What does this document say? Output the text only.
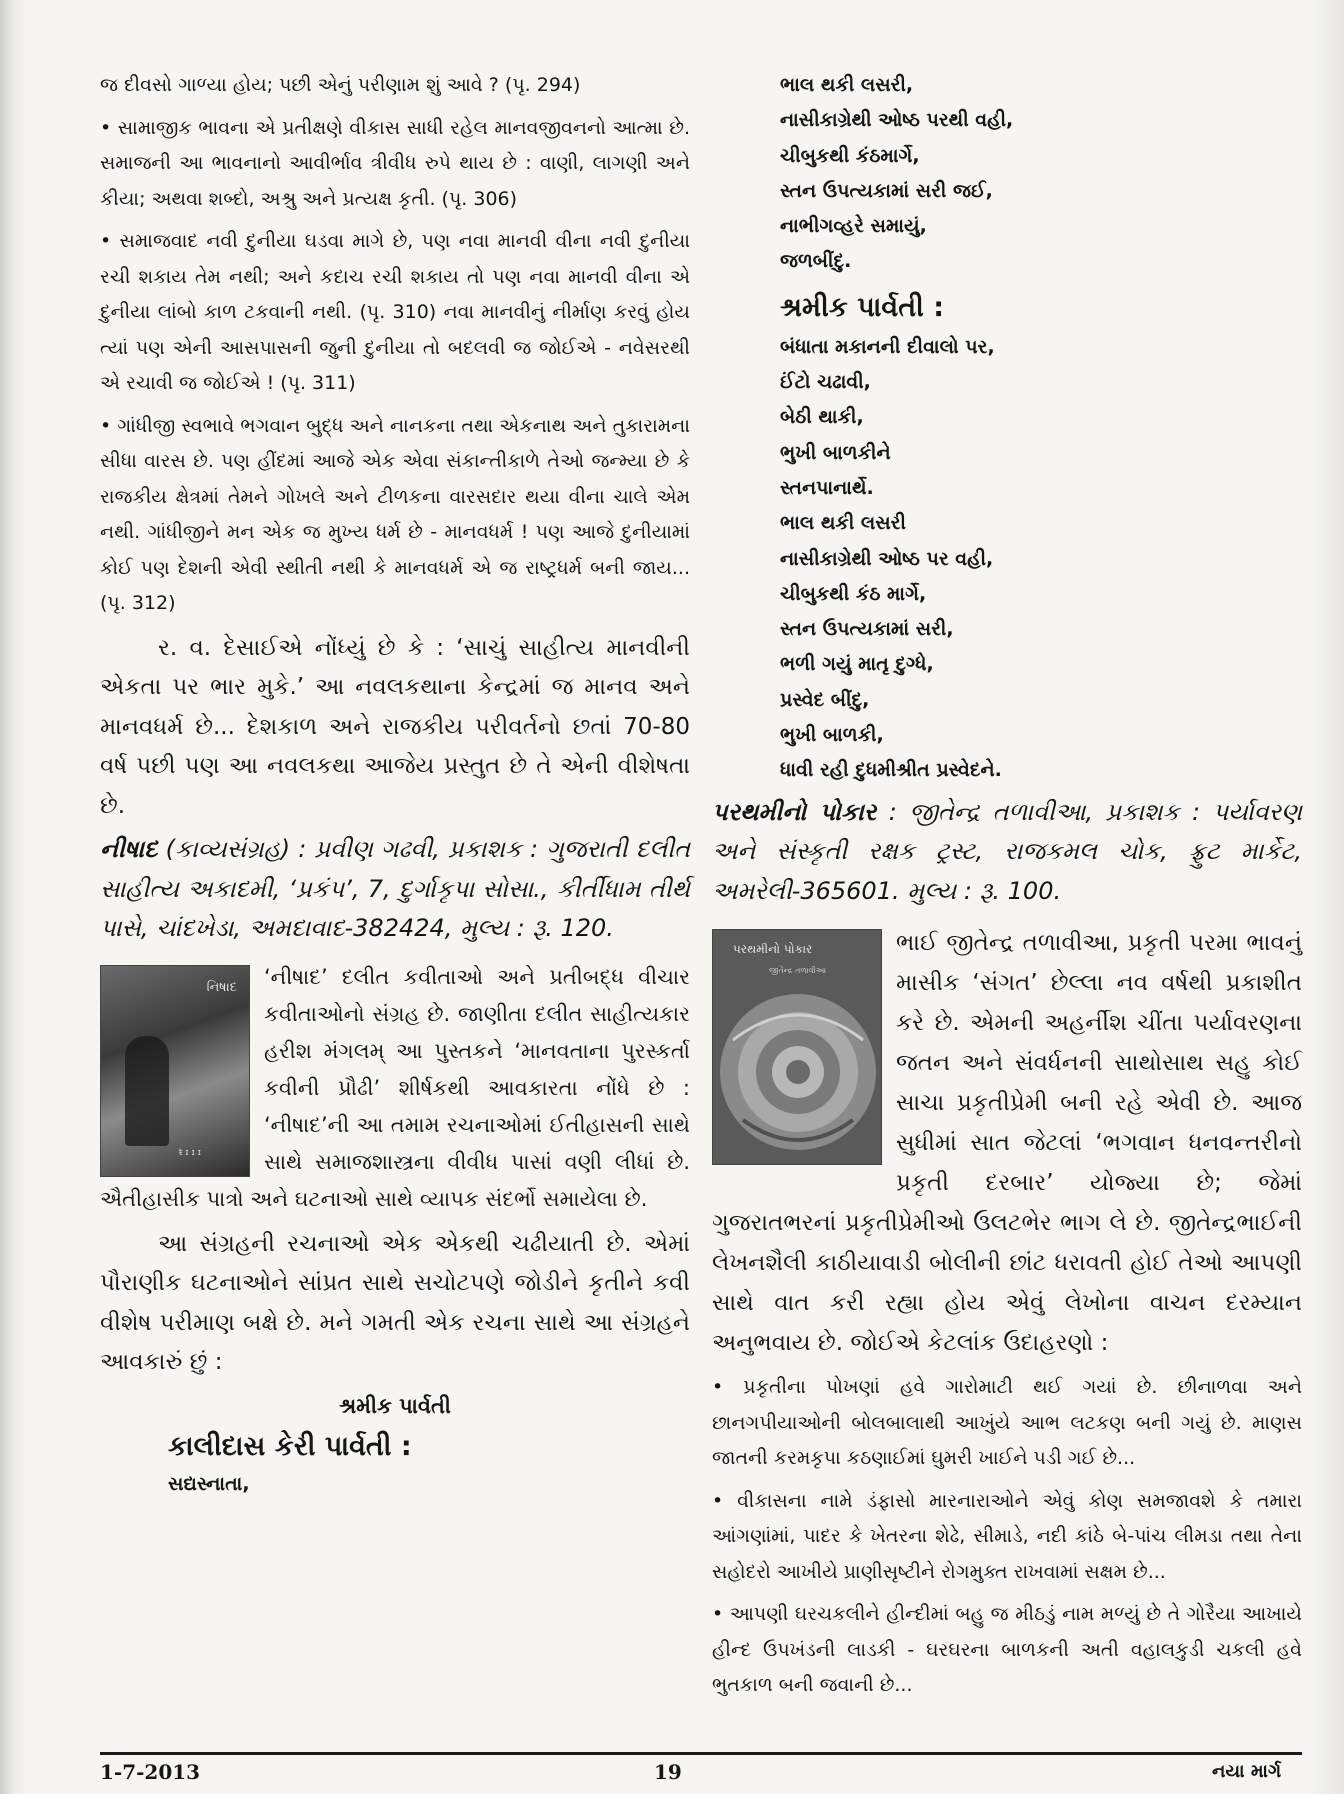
જ દીવસો ગાળ્યા હોય; પછી એનું પરીણામ શું આવે ? (પૃ. 294)

• સામાજીક ભાવના એ પ્રતીક્ષણે વીકાસ સાધી રહેલ માનવજીવનનો આત્મા છે. સમાજની આ ભાવનાનો આવીર્ભાવ ત્રીવીધ રુપે થાય છે : વાણી, લાગણી અને કીયા; અથવા શબ્દો, અશ્રુ અને પ્રત્યક્ષ કૃતી. (પૃ. 306)

• સમાજવાદ નવી દુનીયા ઘડવા માગે છે, પણ નવા માનવી વીના નવી દુનીયા રચી શકાય તેમ નથી; અને કદાચ રચી શકાય તો પણ નવા માનવી વીના એ દુનીયા લાંબો કાળ ટકવાની નથી. (પૃ. 310) નવા માનવીનું નીર્માણ કરવું હોય ત્યાં પણ એની આસપાસની જુની દુનીયા તો બદલવી જ જોઈએ - નવેસરથી એ રચાવી જ જોઈએ ! (પૃ. 311)

• ગાંધીજી સ્વભાવે ભગવાન બુદ્ધ અને નાનકના તથા એકનાથ અને તુકારામના સીધા વારસ છે. પણ હીંદમાં આજે એક એવા સંકાન્તીકાળે તેઓ જન્મ્યા છે કે રાજકીય ક્ષેત્રમાં તેમને ગોખલે અને ટીળકના વારસદાર થયા વીના ચાલે એમ નથી. ગાંધીજીને મન એક જ મુખ્ય ધર્મ છે - માનવધર્મ ! પણ આજે દુનીયામાં કોઈ પણ દેશની એવી સ્થીતી નથી કે માનવધર્મ એ જ રાષ્ટ્રધર્મ બની જાય... (પૃ. 312)

ર. વ. દેસાઈએ નોંધ્યું છે કે : ‘સાચું સાહીત્ય માનવીની એકતા પર ભાર મુકે.’ આ નવલકથાના કેન્દ્રમાં જ માનવ અને માનવધર્મ છે... દેશકાળ અને રાજકીય પરીવર્તનો છતાં 70-80 વર્ષ પછી પણ આ નવલકથા આજેય પ્રસ્તુત છે તે એની વીશેષતા છે.

નીષાદ (કાવ્યસંગ્રહ) : પ્રવીણ ગઢવી, પ્રકાશક : ગુજરાતી દલીત સાહીત્ય અકાદમી, ‘પ્રકંપ’, 7, દુર્ગાકૃપા સોસા., કીર્તીધામ તીર્થ પાસે, ચાંદખેડા, અમદાવાદ-382424, મુલ્ય : રૂ. 120.

નિષાદ
ŧ ɪ ɪ ɪ

‘નીષાદ’ દલીત કવીતાઓ અને પ્રતીબદ્ધ વીચાર કવીતાઓનો સંગ્રહ છે. જાણીતા દલીત સાહીત્યકાર હરીશ મંગલમ્ આ પુસ્તકને ‘માનવતાના પુરસ્કર્તા કવીની પ્રૌઢી’ શીર્ષકથી આવકારતા નોંધે છે : ‘નીષાદ’ની આ તમામ રચનાઓમાં ઈતીહાસની સાથે સાથે સમાજશાસ્ત્રના વીવીધ પાસાં વણી લીધાં છે. ઐતીહાસીક પાત્રો અને ઘટનાઓ સાથે વ્યાપક સંદર્ભો સમાયેલા છે.

આ સંગ્રહની રચનાઓ એક એકથી ચઢીયાતી છે. એમાં પૌરાણીક ઘટનાઓને સાંપ્રત સાથે સચોટપણે જોડીને કૃતીને કવી વીશેષ પરીમાણ બક્ષે છે. મને ગમતી એક રચના સાથે આ સંગ્રહને આવકારું છું :

શ્રમીક પાર્વતી

કાલીદાસ કેરી પાર્વતી :

સદ્યસ્નાતા,

ભાલ થકી લસરી,

નાસીકાગ્રેથી ઓષ્ઠ પરથી વહી,

ચીબુકથી કંઠમાર્ગે,

સ્તન ઉપત્યકામાં સરી જઈ,

નાભીગવ્હરે સમાયું,

જળબીંદુ.

શ્રમીક પાર્વતી :

બંધાતા મકાનની દીવાલો પર,

ઈંટો ચઢાવી,

બેઠી થાકી,

ભુખી બાળકીને

સ્તનપાનાર્થે.

ભાલ થકી લસરી

નાસીકાગ્રેથી ઓષ્ઠ પર વહી,

ચીબુકથી કંઠ માર્ગે,

સ્તન ઉપત્યકામાં સરી,

ભળી ગયું માતૃ દુગ્ધે,

પ્રસ્વેદ બીંદુ,

ભુખી બાળકી,

ધાવી રહી દુધમીશ્રીત પ્રસ્વેદને.

પરથમીનો પોકાર : જીતેન્દ્ર તળાવીઆ, પ્રકાશક : પર્યાવરણ અને સંસ્કૃતી રક્ષક ટ્રસ્ટ, રાજકમલ ચોક, ફ્રુટ માર્કેટ, અમરેલી-365601. મુલ્ય : રૂ. 100.

પરથમીનો પોકાર
જીતેન્દ્ર તળાવીઆ

ભાઈ જીતેન્દ્ર તળાવીઆ, પ્રકૃતી પરમા ભાવનું માસીક ‘સંગત’ છેલ્લા નવ વર્ષથી પ્રકાશીત કરે છે. એમની અહર્નીશ ચીંતા પર્યાવરણના જતન અને સંવર્ધનની સાથોસાથ સહુ કોઈ સાચા પ્રકૃતીપ્રેમી બની રહે એવી છે. આજ સુધીમાં સાત જેટલાં ‘ભગવાન ધનવન્તરીનો પ્રકૃતી દરબાર’ યોજ્યા છે; જેમાં ગુજરાતભરનાં પ્રકૃતીપ્રેમીઓ ઉલટભેર ભાગ લે છે. જીતેન્દ્રભાઈની લેખનશૈલી કાઠીયાવાડી બોલીની છાંટ ધરાવતી હોઈ તેઓ આપણી સાથે વાત કરી રહ્યા હોય એવું લેખોના વાચન દરમ્યાન અનુભવાય છે. જોઈએ કેટલાંક ઉદાહરણો :

• પ્રકૃતીના પોખણાં હવે ગારોમાટી થઈ ગયાં છે. છીનાળવા અને છાનગપીયાઓની બોલબાલાથી આખુંયે આભ લટકણ બની ગયું છે. માણસ જાતની કરમકૃપા કઠણાઈમાં ઘુમરી ખાઈને પડી ગઈ છે...

• વીકાસના નામે ડંફાસો મારનારાઓને એવું કોણ સમજાવશે કે તમારા આંગણાંમાં, પાદર કે ખેતરના શેઢે, સીમાડે, નદી કાંઠે બે-પાંચ લીમડા તથા તેના સહોદરો આખીયે પ્રાણીસૃષ્ટીને રોગમુક્ત રાખવામાં સક્ષમ છે...

• આપણી ઘરચકલીને હીન્દીમાં બહુ જ મીઠડું નામ મળ્યું છે તે ગોરૈયા આખાયે હીન્દ ઉપખંડની લાડકી - ઘરઘરના બાળકની અતી વહાલકુડી ચકલી હવે ભુતકાળ બની જવાની છે...

1-7-2013	19	નયા માર્ગ
